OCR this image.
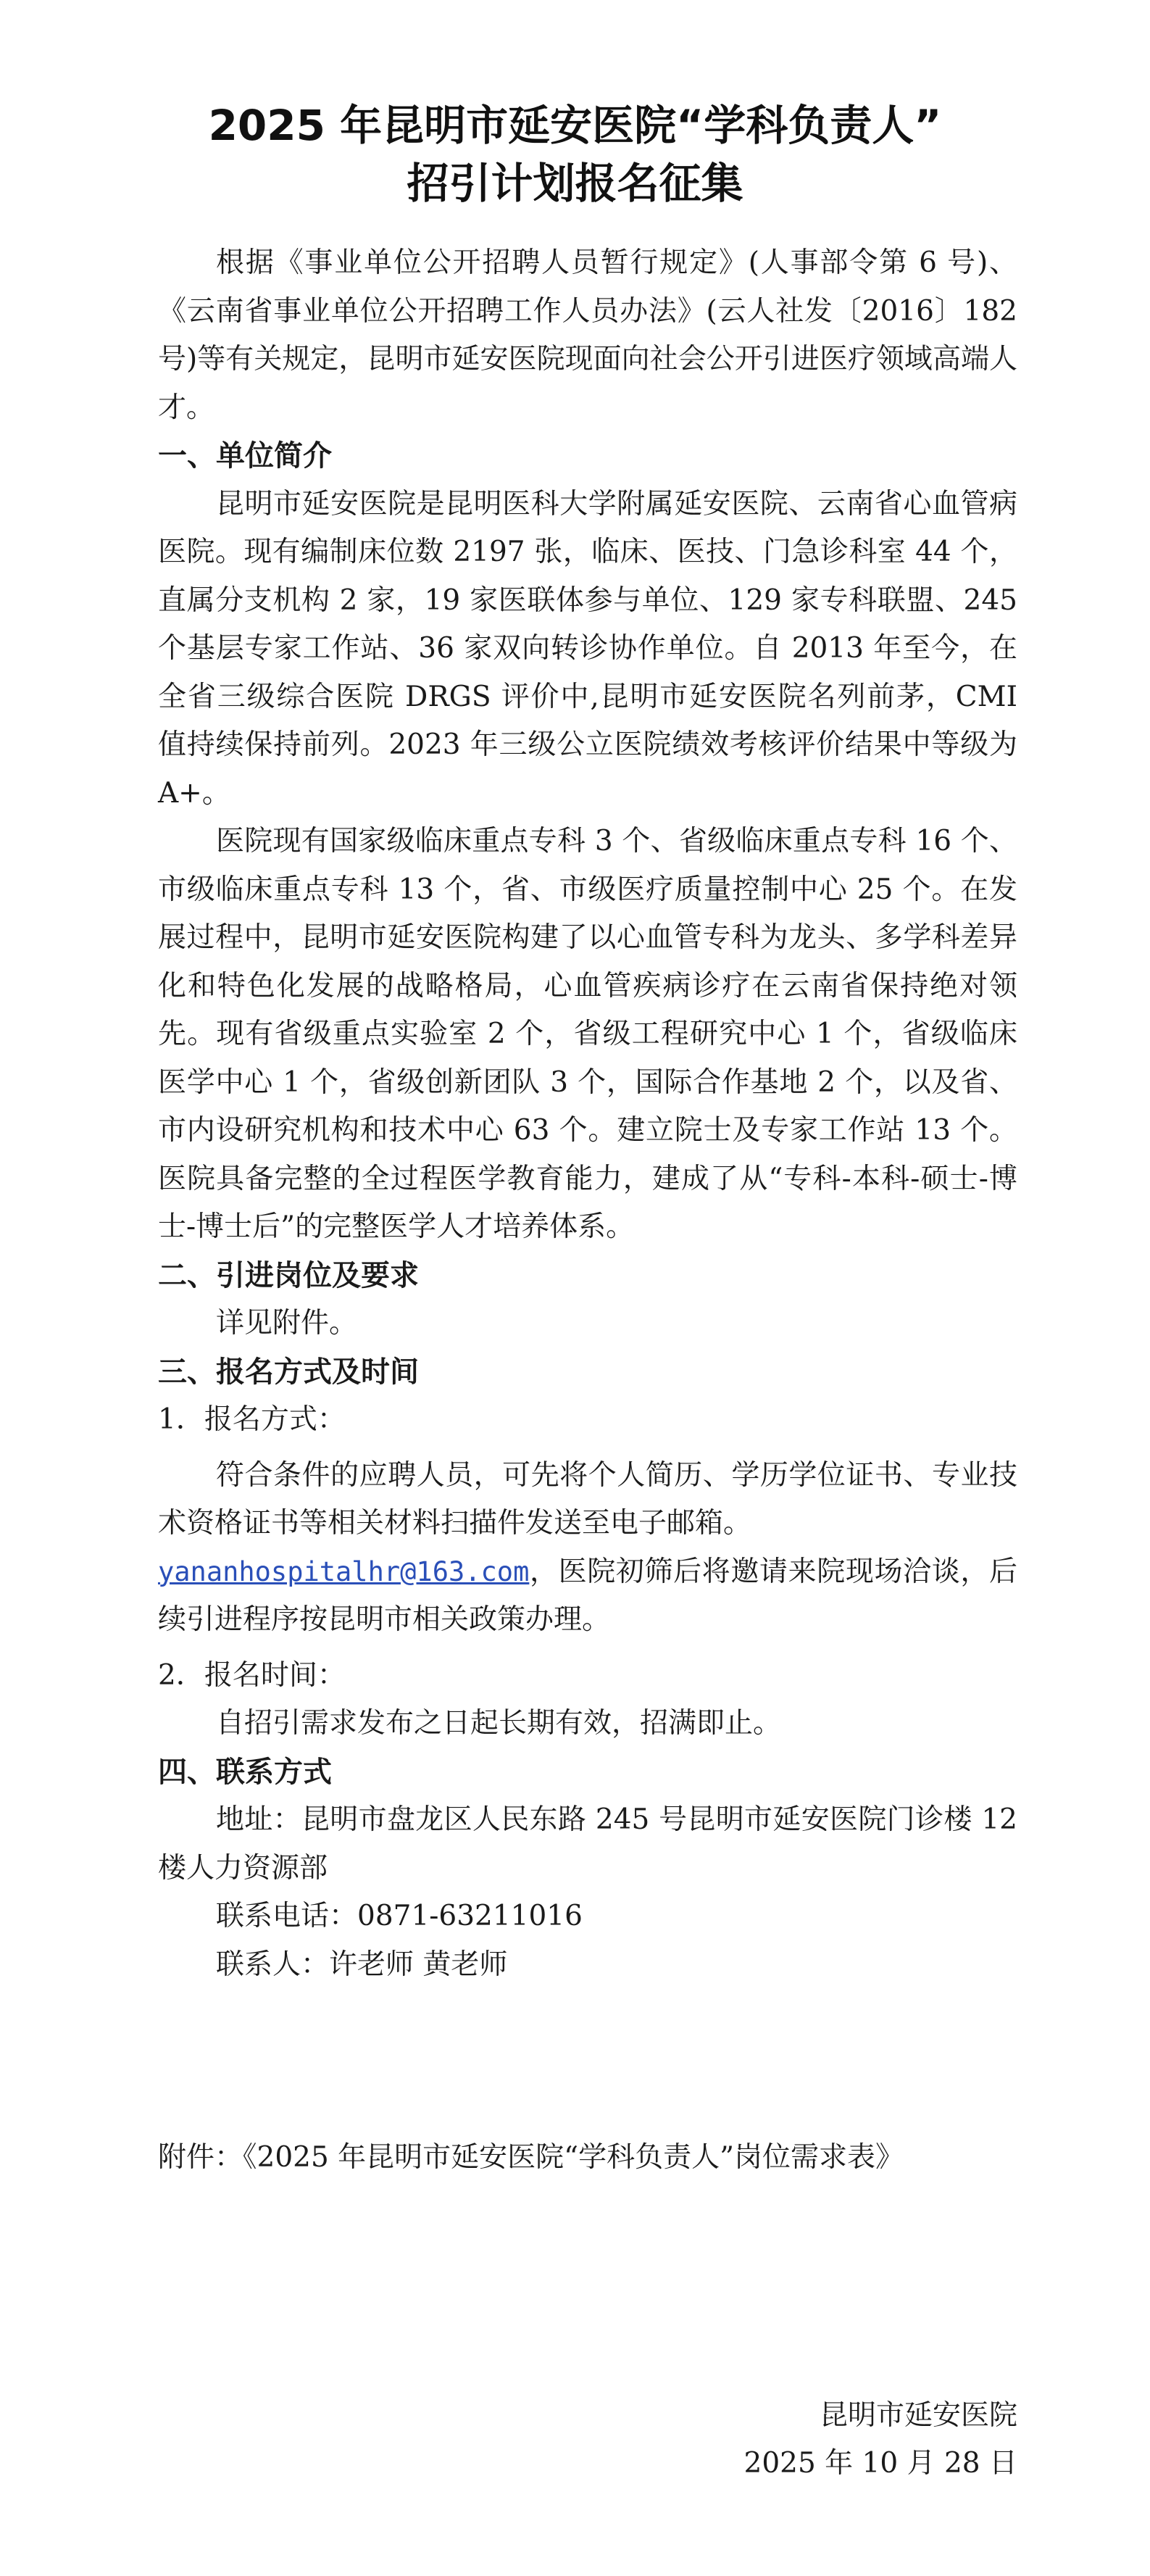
2025 年昆明市延安医院“学科负责人”
招引计划报名征集

根据《事业单位公开招聘人员暂行规定》(人事部令第 6 号)、《云南省事业单位公开招聘工作人员办法》(云人社发〔2016〕182 号)等有关规定，昆明市延安医院现面向社会公开引进医疗领域高端人才。

一、单位简介

昆明市延安医院是昆明医科大学附属延安医院、云南省心血管病医院。现有编制床位数 2197 张，临床、医技、门急诊科室 44 个，直属分支机构 2 家，19 家医联体参与单位、129 家专科联盟、245 个基层专家工作站、36 家双向转诊协作单位。自 2013 年至今，在全省三级综合医院 DRGS 评价中,昆明市延安医院名列前茅，CMI 值持续保持前列。2023 年三级公立医院绩效考核评价结果中等级为 A+。

医院现有国家级临床重点专科 3 个、省级临床重点专科 16 个、市级临床重点专科 13 个，省、市级医疗质量控制中心 25 个。在发展过程中，昆明市延安医院构建了以心血管专科为龙头、多学科差异化和特色化发展的战略格局，心血管疾病诊疗在云南省保持绝对领先。现有省级重点实验室 2 个，省级工程研究中心 1 个，省级临床医学中心 1 个，省级创新团队 3 个，国际合作基地 2 个，以及省、市内设研究机构和技术中心 63 个。建立院士及专家工作站 13 个。医院具备完整的全过程医学教育能力，建成了从“专科-本科-硕士-博士-博士后”的完整医学人才培养体系。

二、引进岗位及要求

详见附件。

三、报名方式及时间

1．报名方式：

符合条件的应聘人员，可先将个人简历、学历学位证书、专业技术资格证书等相关材料扫描件发送至电子邮箱。
yananhospitalhr@163.com，医院初筛后将邀请来院现场洽谈，后续引进程序按昆明市相关政策办理。

2．报名时间：

自招引需求发布之日起长期有效，招满即止。

四、联系方式

地址：昆明市盘龙区人民东路 245 号昆明市延安医院门诊楼 12 楼人力资源部

联系电话：0871-63211016

联系人：许老师 黄老师

附件：《2025 年昆明市延安医院“学科负责人”岗位需求表》
昆明市延安医院
2025 年 10 月 28 日
